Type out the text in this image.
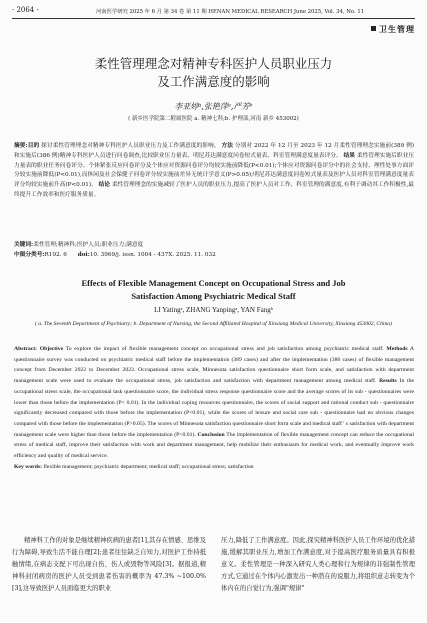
· 2064 ·	河南医学研究 2025 年 6 月 第 34 卷 第 11 期 HENAN MEDICAL RESEARCH June 2025, Vol. 34, No. 11
卫生管理
柔性管理理念对精神专科医护人员职业压力
及工作满意度的影响
李亚婷ᵃ,张艳萍ᵃ,严芳ᵇ
( 新乡医学院第二附属医院 a. 精神七科;b. 护理部,河南 新乡 453002)

摘要:目的 探讨柔性管理理念对精神专科医护人员职业压力及工作满意度的影响。 方法 分别对 2022 年 12 月至 2023 年 12 月柔性管理理念实施前(389 例)和实施后(386 例)精神专科医护人员进行问卷调查,比较职业压力量表、明尼苏达满意度问卷短式量表、科室管理满意度量表评分。 结果 柔性管理实施后职业压力量表的职业任务问卷评分、个体紧张反应问卷评分及个体应对资源问卷评分均较实施前降低(P<0.01);个体应对资源问卷评分中的社会支持、理性处事方面评分较实施前降低(P<0.01),而休闲及社会保健子问卷评分较实施前差异无统计学意义(P>0.05);明尼苏达满意度问卷短式量表及医护人员对科室管理满意度量表评分均较实施前升高(P<0.01)。 结论 柔性管理理念的实施减轻了医护人员的职业压力,提高了医护人员对工作、科室管理的满意度,有利于调动其工作积极性,最终提升工作效率和医疗服务质量。

关键词:柔性管理;精神科;医护人员;职业压力;满意度

中图分类号:R192. 6 doi:10. 3969/j. issn. 1004 - 437X. 2025. 11. 032

Effects of Flexible Management Concept on Occupational Stress and Job
Satisfaction Among Psychiatric Medical Staff
LI Yatingᵃ, ZHANG Yanpingᵃ, YAN Fangᵇ
( a. The Seventh Department of Psychiatry; b. Department of Nursing, the Second Affiliated Hospital of Xinxiang Medical University, Xinxiang 453002, China)

Abstract: Objective To explore the impact of flexible management concept on occupational stress and job satisfaction among psychiatric medical staff. Methods A questionnaire survey was conducted on psychiatric medical staff before the implementation (389 cases) and after the implementation (386 cases) of flexible management concept from December 2022 to December 2023. Occupational stress scale, Minnesota satisfaction questionnaire short form scale, and satisfaction with department management scale were used to evaluate the occupational stress, job satisfaction and satisfaction with department management among medical staff. Results In the occupational stress scale, the occupational task questionnaire score, the individual stress response questionnaire score and the average scores of its sub - questionnaires were lower than those before the implementation (P< 0.01). In the individual coping resources questionnaire, the scores of social support and rational conduct sub - questionnaire significantly decreased compared with those before the implementation (P<0.01), while the scores of leisure and social care sub - questionnaire had no obvious changes compared with those before the implementation (P>0.05). The scores of Minnesota satisfaction questionnaire short form scale and medical staff ' s satisfaction with department management scale were higher than those before the implementation (P<0.01). Conclusion The implementation of flexible management concept can reduce the occupational stress of medical staff, improve their satisfaction with work and department management, help mobilize their enthusiasm for medical work, and eventually improve work efficiency and quality of medical service.

Key words: flexible management; psychiatric department; medical staff; occupational stress; satisfaction

精神科工作的对象是继续精神疾病的患者[1],其存在情感、思维及行为障碍,导致生活不能自理[2];患者往往缺乏自知力,对医护工作持抵触情绪,在病态支配下可出现自伤、伤人或毁物等风险[3]。据报道,精神科封闭病房的医护人员受到患者伤害的概率为 47.3% ~100.0%[3],这导致医护人员面临更大的职业

压力,降低了工作满意度。因此,探究精神科医护人员工作环境的优化措施,缓解其职业压力,增加工作满意度,对于提高医疗服务质量具有积极意义。柔性管理是一种深入研究人类心理和行为规律的非强制性管理方式,它通过在个体内心激发出一种潜在的说服力,将组织意志转变为个体内在的自觉行为,强调"规律"
